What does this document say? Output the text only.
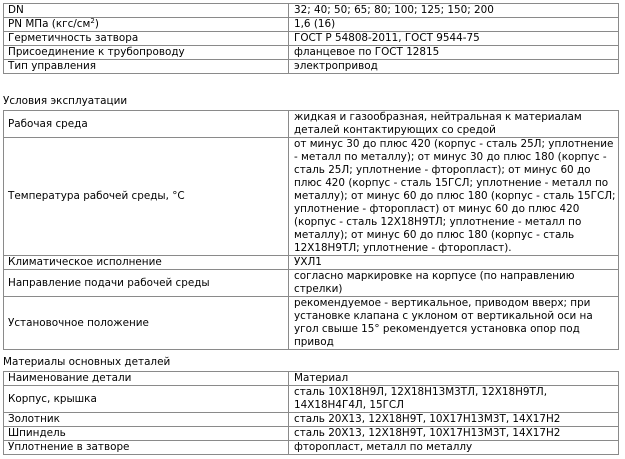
DN	32; 40; 50; 65; 80; 100; 125; 150; 200
PN МПа $(кгс/см^2)$	1,6 (16)
Герметичность затвора	ГОСТ Р 54808-2011, ГОСТ 9544-75
Присоединение к трубопроводу	фланцевое по ГОСТ 12815
Тип управления	электропривод

Условия эксплуатации

Рабочая среда	жидкая и газообразная, нейтральная к материалам деталей контактирующих со средой
Температура рабочей среды, °С	от минус 30 до плюс 420 (корпус - сталь 25Л; уплотнение - металл по металлу); от минус 30 до плюс 180 (корпус - сталь 25Л; уплотнение - фторопласт); от минус 60 до плюс 420 (корпус - сталь 15ГСЛ; уплотнение - металл по металлу); от минус 60 до плюс 180 (корпус - сталь 15ГСЛ; уплотнение - фторопласт) от минус 60 до плюс 420 (корпус - сталь 12Х18Н9ТЛ; уплотнение - металл по металлу); от минус 60 до плюс 180 (корпус - сталь 12Х18Н9ТЛ; уплотнение - фторопласт).
Климатическое исполнение	УХЛ1
Направление подачи рабочей среды	согласно маркировке на корпусе (по направлению стрелки)
Установочное положение	рекомендуемое - вертикальное, приводом вверх; при установке клапана с уклоном от вертикальной оси на угол свыше 15° рекомендуется установка опор под привод

Материалы основных деталей

Наименование детали	Материал
Корпус, крышка	сталь 10Х18Н9Л, 12Х18Н13М3ТЛ, 12Х18Н9ТЛ, 14Х18Н4Г4Л, 15ГСЛ
Золотник	сталь 20Х13, 12Х18Н9Т, 10Х17Н13М3Т, 14Х17Н2
Шпиндель	сталь 20Х13, 12Х18Н9Т, 10Х17Н13М3Т, 14Х17Н2
Уплотнение в затворе	фторопласт, металл по металлу
